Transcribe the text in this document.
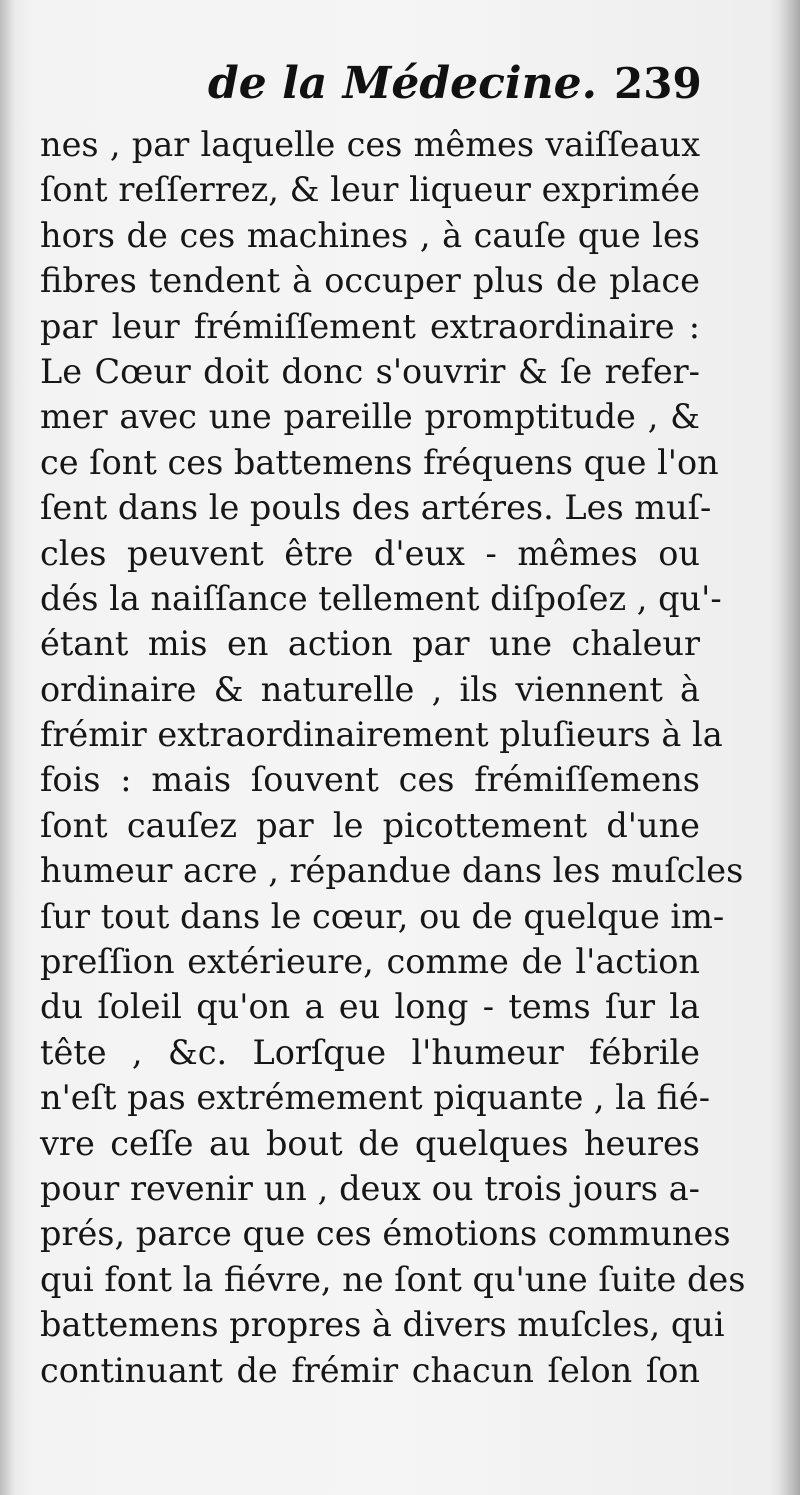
de la Médecine. 239
nes , par laquelle ces mêmes vaiſſeaux
ſont reſſerrez, & leur liqueur exprimée
hors de ces machines , à cauſe que les
fibres tendent à occuper plus de place
par leur frémiſſement extraordinaire :
Le Cœur doit donc s'ouvrir & ſe refer-
mer avec une pareille promptitude , &
ce ſont ces battemens fréquens que l'on
ſent dans le pouls des artéres. Les muſ-
cles peuvent être d'eux - mêmes ou
dés la naiſſance tellement diſpoſez , qu'-
étant mis en action par une chaleur
ordinaire & naturelle , ils viennent à
frémir extraordinairement pluſieurs à la
fois : mais ſouvent ces frémiſſemens
ſont cauſez par le picottement d'une
humeur acre , répandue dans les muſcles
ſur tout dans le cœur, ou de quelque im-
preſſion extérieure, comme de l'action
du ſoleil qu'on a eu long - tems ſur la
tête , &c. Lorſque l'humeur fébrile
n'eſt pas extrémement piquante , la fié-
vre ceſſe au bout de quelques heures
pour revenir un , deux ou trois jours a-
prés, parce que ces émotions communes
qui font la fiévre, ne ſont qu'une ſuite des
battemens propres à divers muſcles, qui
continuant de frémir chacun ſelon ſon
